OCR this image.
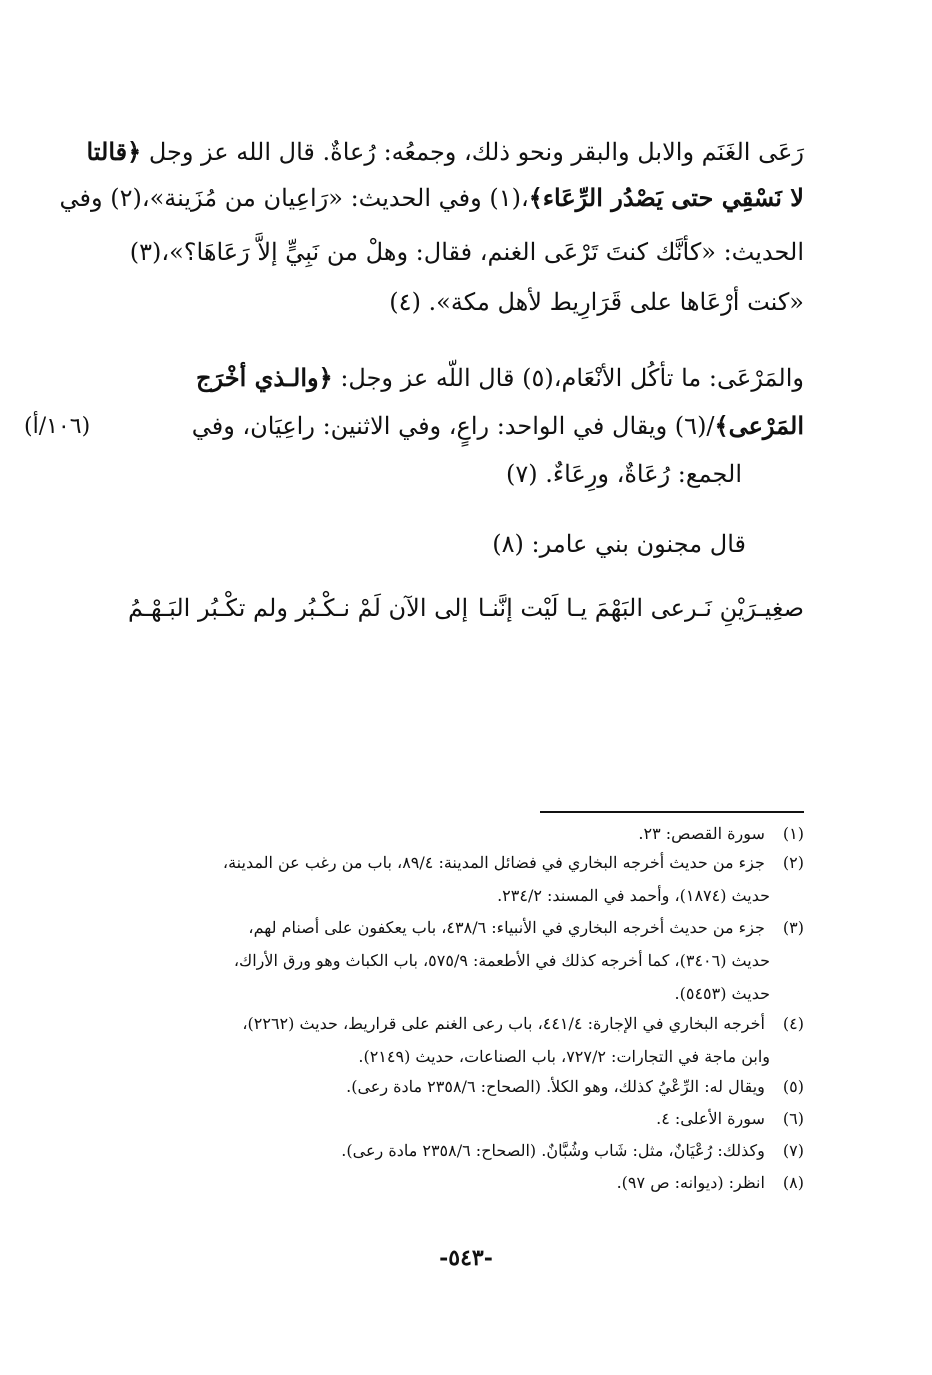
رَعَى الغَنَم والابل والبقر ونحو ذلك، وجمعُه: رُعاةٌ. قال الله عز وجل ﴿قالتا
لا نَسْقِي حتى يَصْدُر الرِّعَاء﴾،(١) وفي الحديث: «رَاعِيان من مُزَينة»،(٢) وفي
الحديث: «كأنَّك كنتَ تَرْعَى الغنم، فقال: وهلْ من نَبِيٍّ إلاَّ رَعَاهَا؟»،(٣)
«كنت أرْعَاها على قَرَارِيط لأهل مكة». (٤)
والمَرْعَى: ما تأكُل الأنْعَام،(٥) قال اللّه عز وجل: ﴿والـذي أخْرَج
المَرْعى﴾/(٦) ويقال في الواحد: راعٍ، وفي الاثنين: راعِيَان، وفي
الجمع: رُعَاةٌ، ورِعَاءٌ. (٧)
(١٠٦/أ)
قال مجنون بني عامر: (٨)
صغِيـرَيْنِ نَـرعى البَهْمَ يـا لَيْت إنَّنـا
إلى الآن لَمْ نـكْـبُر ولم تكْـبُر البَـهْـمُ
(١) سورة القصص: ٢٣.
(٢) جزء من حديث أخرجه البخاري في فضائل المدينة: ٨٩/٤، باب من رغب عن المدينة،
حديث (١٨٧٤)، وأحمد في المسند: ٢٣٤/٢.
(٣) جزء من حديث أخرجه البخاري في الأنبياء: ٤٣٨/٦، باب يعكفون على أصنام لهم،
حديث (٣٤٠٦)، كما أخرجه كذلك في الأطعمة: ٥٧٥/٩، باب الكباث وهو ورق الأراك،
حديث (٥٤٥٣).
(٤) أخرجه البخاري في الإجارة: ٤٤١/٤، باب رعى الغنم على قراريط، حديث (٢٢٦٢)،
وابن ماجة في التجارات: ٧٢٧/٢، باب الصناعات، حديث (٢١٤٩).
(٥) ويقال له: الرِّعْيُ كذلك، وهو الكلأ. (الصحاح: ٢٣٥٨/٦ مادة رعى).
(٦) سورة الأعلى: ٤.
(٧) وكذلك: رُعْيَانٌ، مثل: شَاب وشُبَّانٌ. (الصحاح: ٢٣٥٨/٦ مادة رعى).
(٨) انظر: (ديوانه: ص ٩٧).
-٥٤٣-
